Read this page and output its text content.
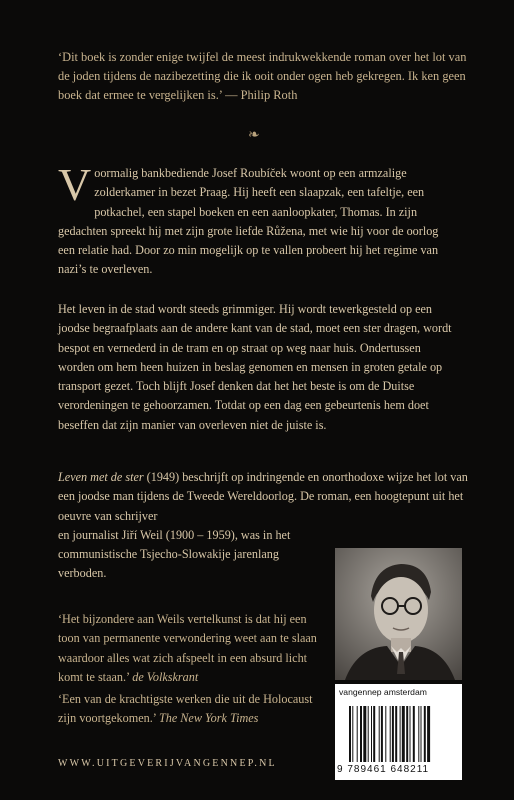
‘Dit boek is zonder enige twijfel de meest indrukwekkende roman over het lot van de joden tijdens de nazibezetting die ik ooit onder ogen heb gekregen. Ik ken geen boek dat ermee te vergelijken is.’ — Philip Roth
❧
V oormalig bankbediende Josef Roubíček woont op een armzalige zolderkamer in bezet Praag. Hij heeft een slaapzak, een tafeltje, een potkachel, een stapel boeken en een aanloopkater, Thomas. In zijn gedachten spreekt hij met zijn grote liefde Růžena, met wie hij voor de oorlog een relatie had. Door zo min mogelijk op te vallen probeert hij het regime van nazi’s te overleven.
Het leven in de stad wordt steeds grimmiger. Hij wordt tewerkgesteld op een joodse begraafplaats aan de andere kant van de stad, moet een ster dragen, wordt bespot en vernederd in de tram en op straat op weg naar huis. Ondertussen worden om hem heen huizen in beslag genomen en mensen in groten getale op transport gezet. Toch blijft Josef denken dat het het beste is om de Duitse verordeningen te gehoorzamen. Totdat op een dag een gebeurtenis hem doet beseffen dat zijn manier van overleven niet de juiste is.
Leven met de ster (1949) beschrijft op indringende en onorthodoxe wijze het lot van een joodse man tijdens de Tweede Wereldoorlog. De roman, een hoogtepunt uit het oeuvre van schrijver
en journalist Jiří Weil (1900 – 1959), was in het communistische Tsjecho-Slowakije jarenlang verboden.
‘Het bijzondere aan Weils vertelkunst is dat hij een toon van permanente verwondering weet aan te slaan waardoor alles wat zich afspeelt in een absurd licht komt te staan.’ de Volkskrant
‘Een van de krachtigste werken die uit de Holocaust zijn voortgekomen.’ The New York Times
WWW.UITGEVERIJVANGENNEP.NL
vangennep amsterdam
9 789461 648211
